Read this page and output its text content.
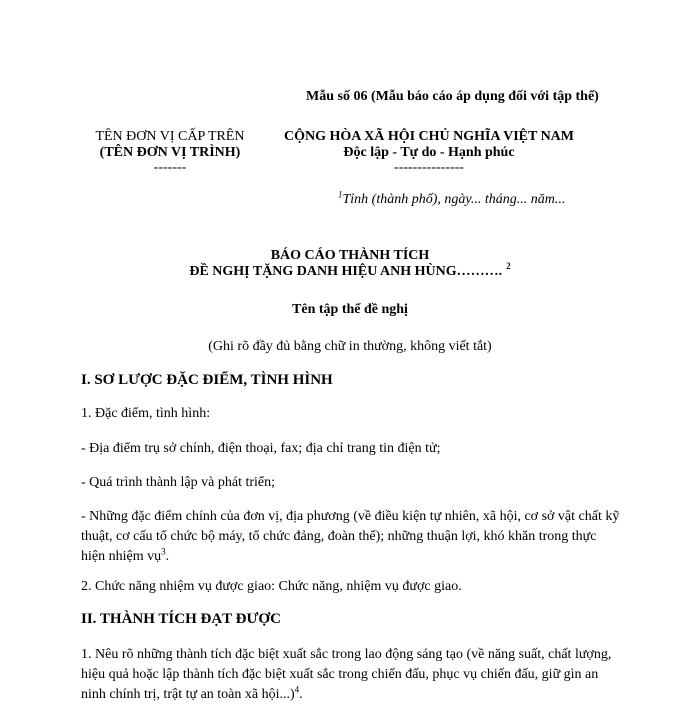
Mẫu số 06 (Mẫu báo cáo áp dụng đối với tập thể)
TÊN ĐƠN VỊ CẤP TRÊN
(TÊN ĐƠN VỊ TRÌNH)
-------
CỘNG HÒA XÃ HỘI CHỦ NGHĨA VIỆT NAM
Độc lập - Tự do - Hạnh phúc
---------------
$^1$Tỉnh (thành phố), ngày... tháng... năm...
BÁO CÁO THÀNH TÍCH
ĐỀ NGHỊ TẶNG DANH HIỆU ANH HÙNG………. $^2$
Tên tập thể đề nghị
(Ghi rõ đầy đủ bằng chữ in thường, không viết tắt)
I. SƠ LƯỢC ĐẶC ĐIỂM, TÌNH HÌNH
1. Đặc điểm, tình hình:
- Địa điểm trụ sở chính, điện thoại, fax; địa chỉ trang tin điện tử;
- Quá trình thành lập và phát triển;
- Những đặc điểm chính của đơn vị, địa phương (về điều kiện tự nhiên, xã hội, cơ sở vật chất kỹ thuật, cơ cấu tổ chức bộ máy, tổ chức đảng, đoàn thể); những thuận lợi, khó khăn trong thực hiện nhiệm vụ$^3$.
2. Chức năng nhiệm vụ được giao: Chức năng, nhiệm vụ được giao.
II. THÀNH TÍCH ĐẠT ĐƯỢC
1. Nêu rõ những thành tích đặc biệt xuất sắc trong lao động sáng tạo (về năng suất, chất lượng, hiệu quả hoặc lập thành tích đặc biệt xuất sắc trong chiến đấu, phục vụ chiến đấu, giữ gìn an ninh chính trị, trật tự an toàn xã hội...)$^4$.
